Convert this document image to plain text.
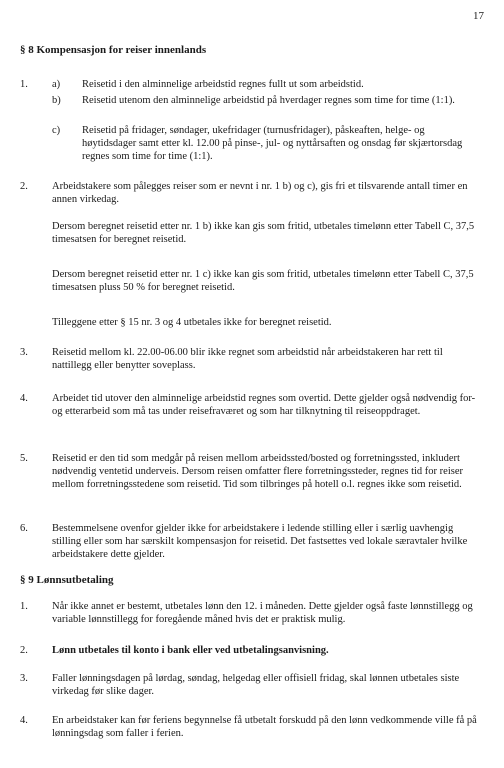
17
§ 8 Kompensasjon for reiser innenlands
1. a) Reisetid i den alminnelige arbeidstid regnes fullt ut som arbeidstid.
b) Reisetid utenom den alminnelige arbeidstid på hverdager regnes som time for time (1:1).
c) Reisetid på fridager, søndager, ukefridager (turnusfridager), påskeaften, helge- og høytidsdager samt etter kl. 12.00 på pinse-, jul- og nyttårsaften og onsdag før skjærtorsdag regnes som time for time (1:1).
2. Arbeidstakere som pålegges reiser som er nevnt i nr. 1 b) og c), gis fri et tilsvarende antall timer en annen virkedag.
Dersom beregnet reisetid etter nr. 1 b) ikke kan gis som fritid, utbetales timelønn etter Tabell C, 37,5 timesatsen for beregnet reisetid.
Dersom beregnet reisetid etter nr. 1 c) ikke kan gis som fritid, utbetales timelønn etter Tabell C, 37,5 timesatsen pluss 50 % for beregnet reisetid.
Tilleggene etter § 15 nr. 3 og 4 utbetales ikke for beregnet reisetid.
3. Reisetid mellom kl. 22.00-06.00 blir ikke regnet som arbeidstid når arbeidstakeren har rett til nattillegg eller benytter soveplass.
4. Arbeidet tid utover den alminnelige arbeidstid regnes som overtid. Dette gjelder også nødvendig for- og etterarbeid som må tas under reisefraværet og som har tilknytning til reiseoppdraget.
5. Reisetid er den tid som medgår på reisen mellom arbeidssted/bosted og forretningssted, inkludert nødvendig ventetid underveis. Dersom reisen omfatter flere forretningssteder, regnes tid for reiser mellom forretningsstedene som reisetid. Tid som tilbringes på hotell o.l. regnes ikke som reisetid.
6. Bestemmelsene ovenfor gjelder ikke for arbeidstakere i ledende stilling eller i særlig uavhengig stilling eller som har særskilt kompensasjon for reisetid. Det fastsettes ved lokale særavtaler hvilke arbeidstakere dette gjelder.
§ 9 Lønnsutbetaling
1. Når ikke annet er bestemt, utbetales lønn den 12. i måneden. Dette gjelder også faste lønnstillegg og variable lønnstillegg for foregående måned hvis det er praktisk mulig.
2. Lønn utbetales til konto i bank eller ved utbetalingsanvisning.
3. Faller lønningsdagen på lørdag, søndag, helgedag eller offisiell fridag, skal lønnen utbetales siste virkedag før slike dager.
4. En arbeidstaker kan før feriens begynnelse få utbetalt forskudd på den lønn vedkommende ville få på lønningsdag som faller i ferien.
